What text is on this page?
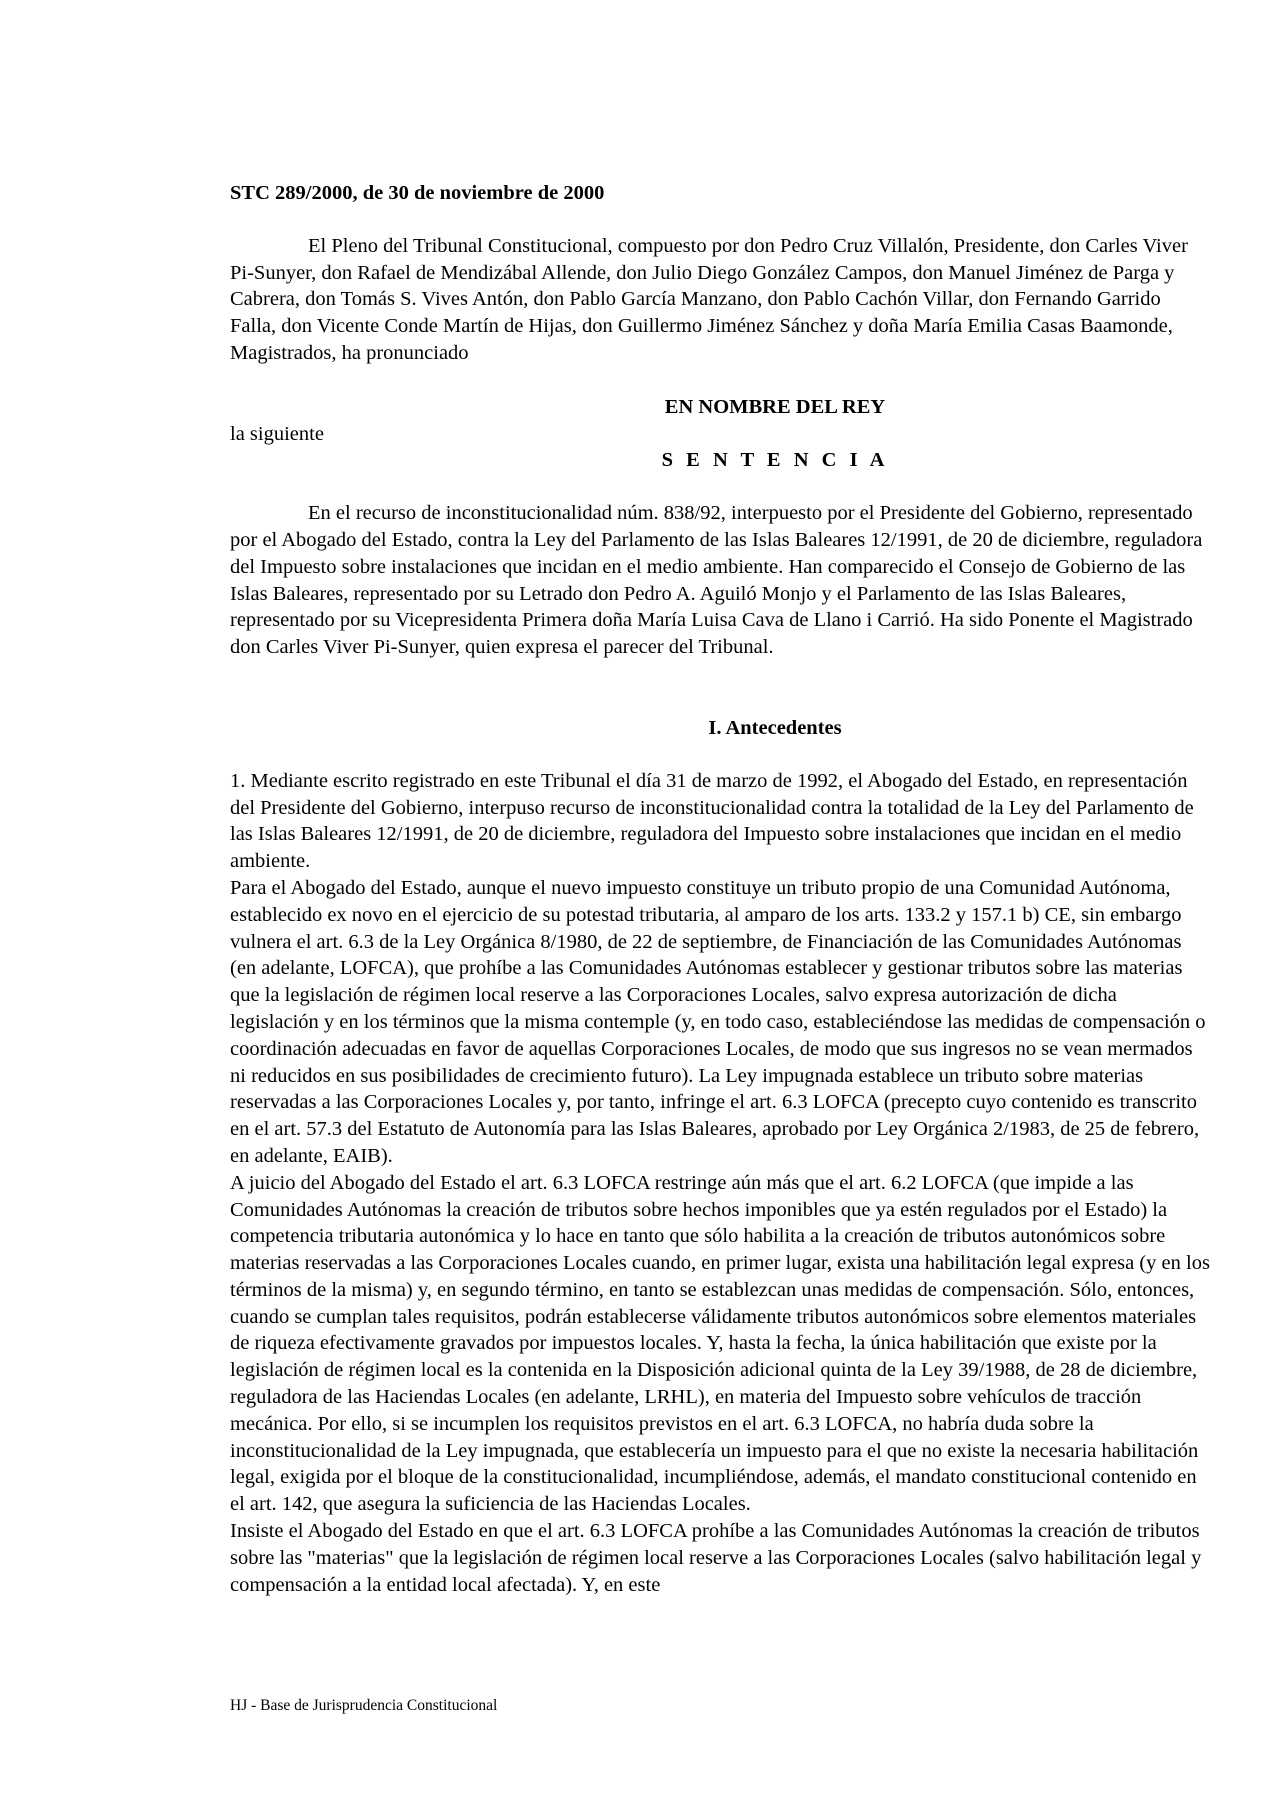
STC 289/2000, de 30 de noviembre de 2000

El Pleno del Tribunal Constitucional, compuesto por don Pedro Cruz Villalón, Presidente, don Carles Viver Pi-Sunyer, don Rafael de Mendizábal Allende, don Julio Diego González Campos, don Manuel Jiménez de Parga y Cabrera, don Tomás S. Vives Antón, don Pablo García Manzano, don Pablo Cachón Villar, don Fernando Garrido Falla, don Vicente Conde Martín de Hijas, don Guillermo Jiménez Sánchez y doña María Emilia Casas Baamonde, Magistrados, ha pronunciado

EN NOMBRE DEL REY

la siguiente

S E N T E N C I A

En el recurso de inconstitucionalidad núm. 838/92, interpuesto por el Presidente del Gobierno, representado por el Abogado del Estado, contra la Ley del Parlamento de las Islas Baleares 12/1991, de 20 de diciembre, reguladora del Impuesto sobre instalaciones que incidan en el medio ambiente. Han comparecido el Consejo de Gobierno de las Islas Baleares, representado por su Letrado don Pedro A. Aguiló Monjo y el Parlamento de las Islas Baleares, representado por su Vicepresidenta Primera doña María Luisa Cava de Llano i Carrió. Ha sido Ponente el Magistrado don Carles Viver Pi-Sunyer, quien expresa el parecer del Tribunal.

I. Antecedentes

1. Mediante escrito registrado en este Tribunal el día 31 de marzo de 1992, el Abogado del Estado, en representación del Presidente del Gobierno, interpuso recurso de inconstitucionalidad contra la totalidad de la Ley del Parlamento de las Islas Baleares 12/1991, de 20 de diciembre, reguladora del Impuesto sobre instalaciones que incidan en el medio ambiente.

Para el Abogado del Estado, aunque el nuevo impuesto constituye un tributo propio de una Comunidad Autónoma, establecido ex novo en el ejercicio de su potestad tributaria, al amparo de los arts. 133.2 y 157.1 b) CE, sin embargo vulnera el art. 6.3 de la Ley Orgánica 8/1980, de 22 de septiembre, de Financiación de las Comunidades Autónomas (en adelante, LOFCA), que prohíbe a las Comunidades Autónomas establecer y gestionar tributos sobre las materias que la legislación de régimen local reserve a las Corporaciones Locales, salvo expresa autorización de dicha legislación y en los términos que la misma contemple (y, en todo caso, estableciéndose las medidas de compensación o coordinación adecuadas en favor de aquellas Corporaciones Locales, de modo que sus ingresos no se vean mermados ni reducidos en sus posibilidades de crecimiento futuro). La Ley impugnada establece un tributo sobre materias reservadas a las Corporaciones Locales y, por tanto, infringe el art. 6.3 LOFCA (precepto cuyo contenido es transcrito en el art. 57.3 del Estatuto de Autonomía para las Islas Baleares, aprobado por Ley Orgánica 2/1983, de 25 de febrero, en adelante, EAIB).

A juicio del Abogado del Estado el art. 6.3 LOFCA restringe aún más que el art. 6.2 LOFCA (que impide a las Comunidades Autónomas la creación de tributos sobre hechos imponibles que ya estén regulados por el Estado) la competencia tributaria autonómica y lo hace en tanto que sólo habilita a la creación de tributos autonómicos sobre materias reservadas a las Corporaciones Locales cuando, en primer lugar, exista una habilitación legal expresa (y en los términos de la misma) y, en segundo término, en tanto se establezcan unas medidas de compensación. Sólo, entonces, cuando se cumplan tales requisitos, podrán establecerse válidamente tributos autonómicos sobre elementos materiales de riqueza efectivamente gravados por impuestos locales. Y, hasta la fecha, la única habilitación que existe por la legislación de régimen local es la contenida en la Disposición adicional quinta de la Ley 39/1988, de 28 de diciembre, reguladora de las Haciendas Locales (en adelante, LRHL), en materia del Impuesto sobre vehículos de tracción mecánica. Por ello, si se incumplen los requisitos previstos en el art. 6.3 LOFCA, no habría duda sobre la inconstitucionalidad de la Ley impugnada, que establecería un impuesto para el que no existe la necesaria habilitación legal, exigida por el bloque de la constitucionalidad, incumpliéndose, además, el mandato constitucional contenido en el art. 142, que asegura la suficiencia de las Haciendas Locales.

Insiste el Abogado del Estado en que el art. 6.3 LOFCA prohíbe a las Comunidades Autónomas la creación de tributos sobre las "materias" que la legislación de régimen local reserve a las Corporaciones Locales (salvo habilitación legal y compensación a la entidad local afectada). Y, en este

HJ - Base de Jurisprudencia Constitucional
